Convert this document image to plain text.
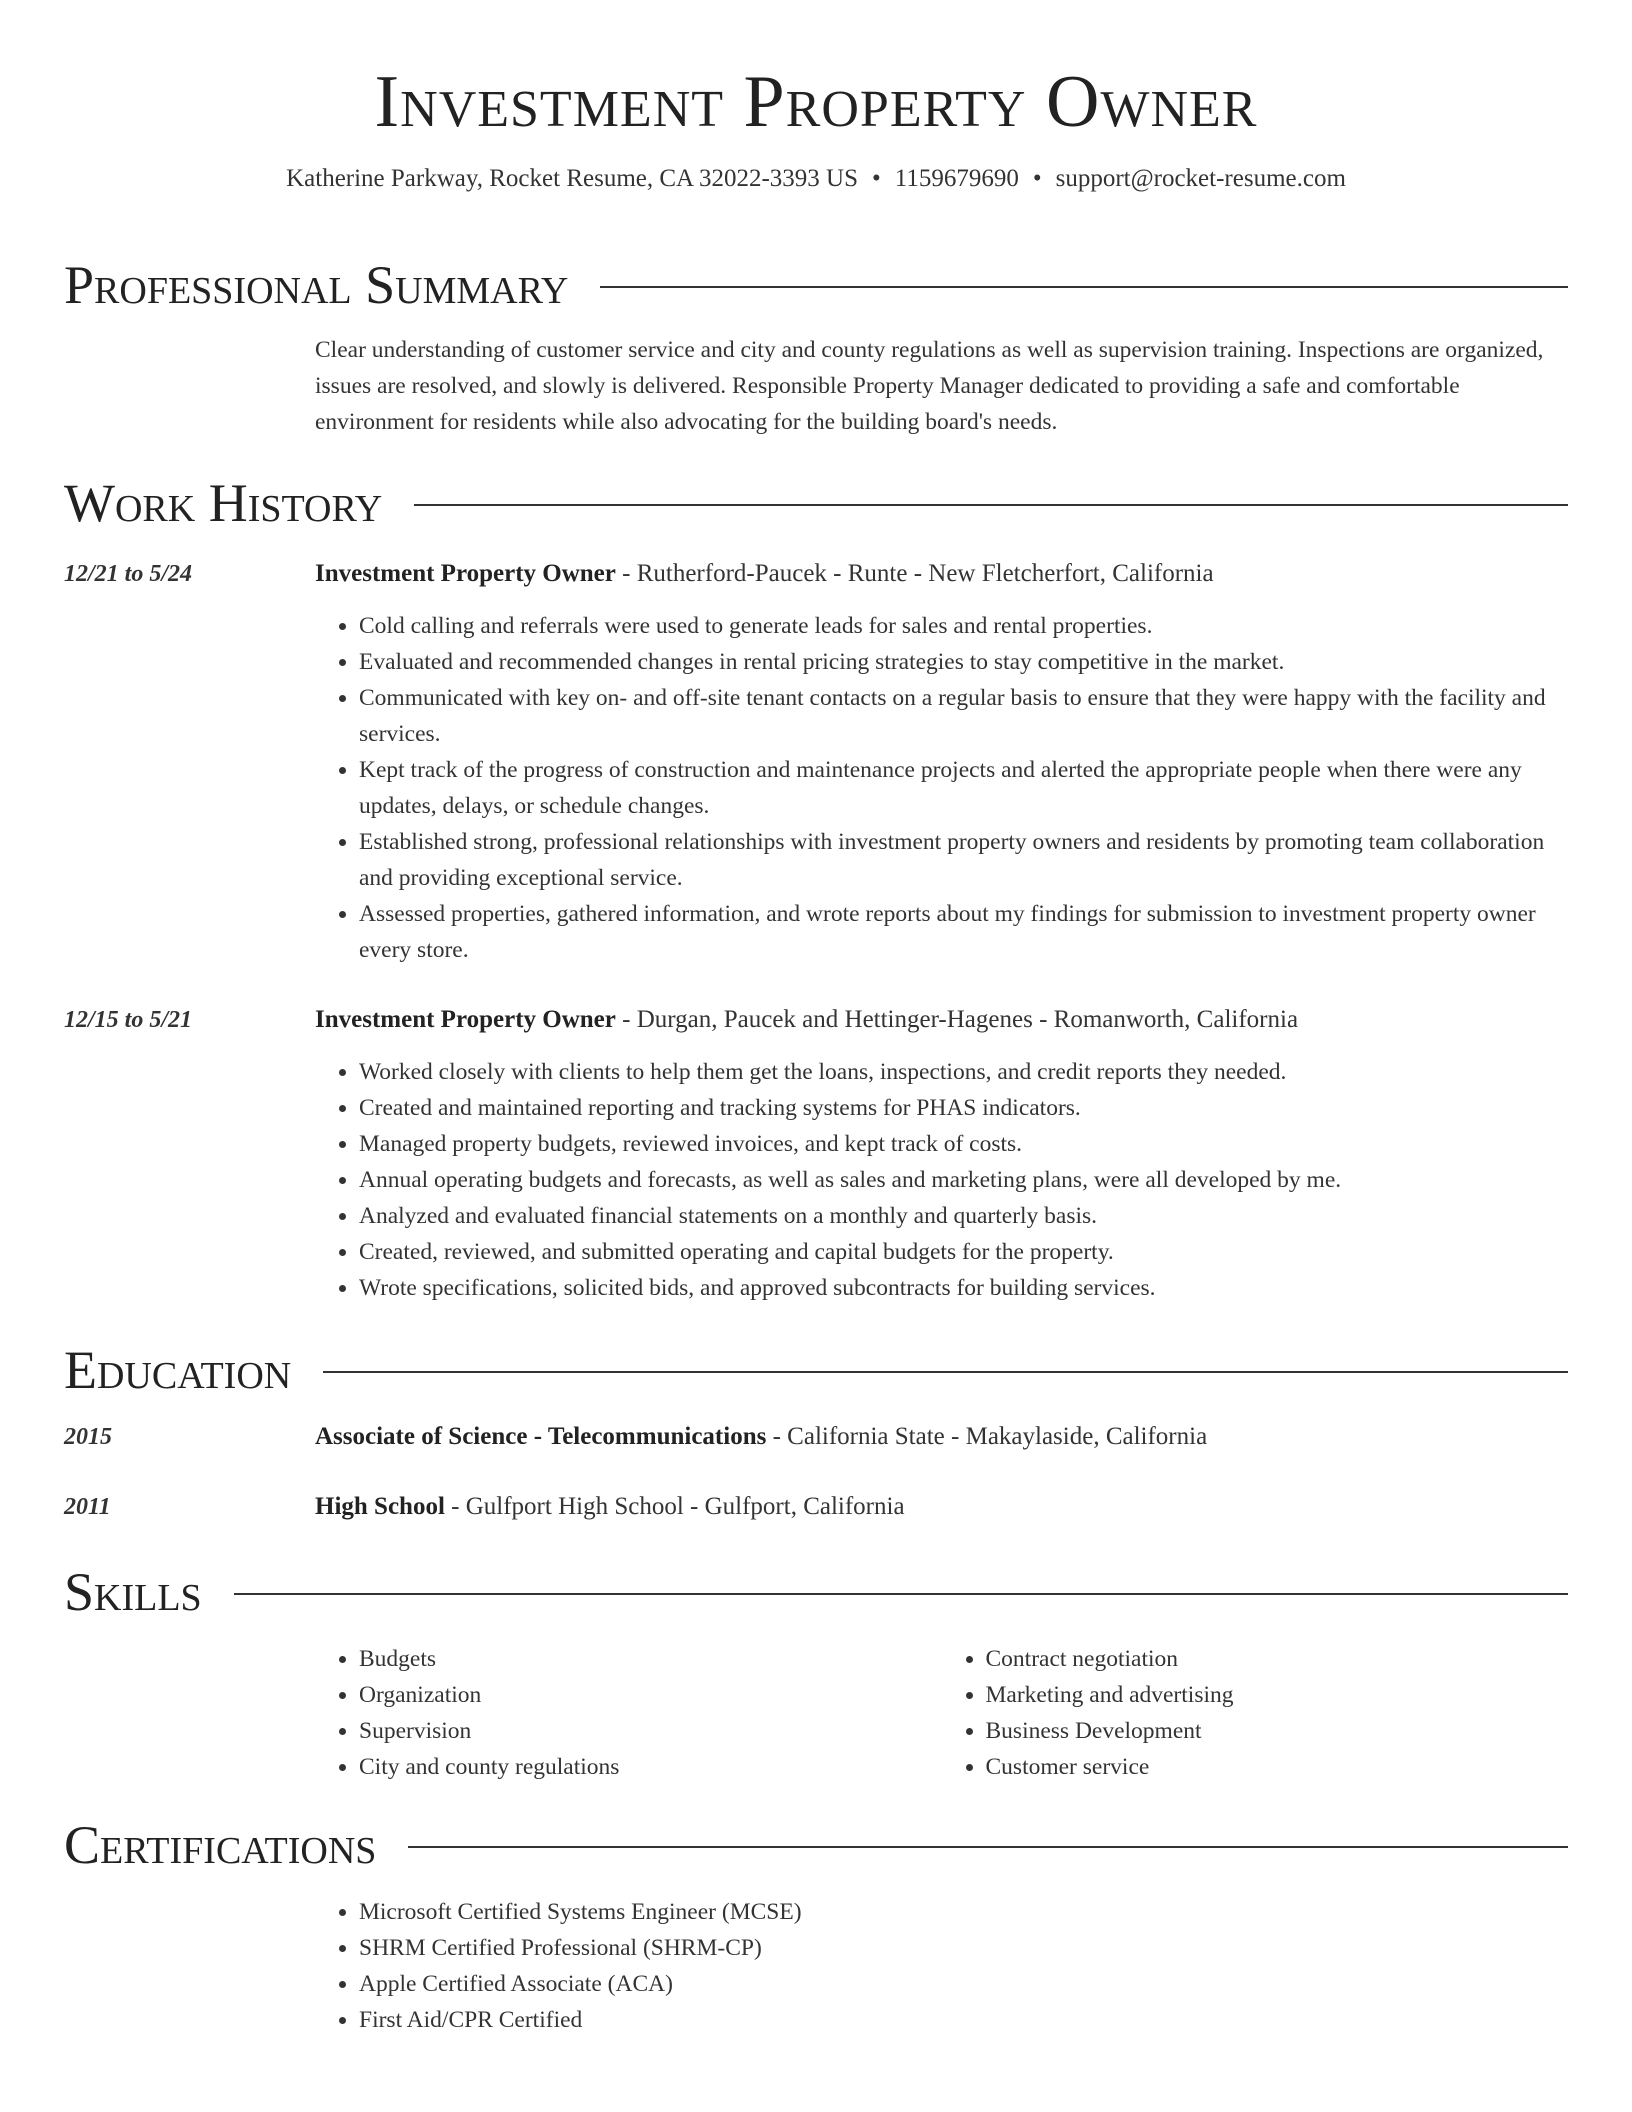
Investment Property Owner
Katherine Parkway, Rocket Resume, CA 32022-3393 US • 1159679690 • support@rocket-resume.com
Professional Summary
Clear understanding of customer service and city and county regulations as well as supervision training. Inspections are organized, issues are resolved, and slowly is delivered. Responsible Property Manager dedicated to providing a safe and comfortable environment for residents while also advocating for the building board's needs.
Work History
12/21 to 5/24	Investment Property Owner - Rutherford-Paucek - Runte - New Fletcherfort, California
• Cold calling and referrals were used to generate leads for sales and rental properties.
• Evaluated and recommended changes in rental pricing strategies to stay competitive in the market.
• Communicated with key on- and off-site tenant contacts on a regular basis to ensure that they were happy with the facility and services.
• Kept track of the progress of construction and maintenance projects and alerted the appropriate people when there were any updates, delays, or schedule changes.
• Established strong, professional relationships with investment property owners and residents by promoting team collaboration and providing exceptional service.
• Assessed properties, gathered information, and wrote reports about my findings for submission to investment property owner every store.
12/15 to 5/21	Investment Property Owner - Durgan, Paucek and Hettinger-Hagenes - Romanworth, California
• Worked closely with clients to help them get the loans, inspections, and credit reports they needed.
• Created and maintained reporting and tracking systems for PHAS indicators.
• Managed property budgets, reviewed invoices, and kept track of costs.
• Annual operating budgets and forecasts, as well as sales and marketing plans, were all developed by me.
• Analyzed and evaluated financial statements on a monthly and quarterly basis.
• Created, reviewed, and submitted operating and capital budgets for the property.
• Wrote specifications, solicited bids, and approved subcontracts for building services.
Education
2015	Associate of Science - Telecommunications - California State - Makaylaside, California
2011	High School - Gulfport High School - Gulfport, California
Skills
• Budgets
• Organization
• Supervision
• City and county regulations
• Contract negotiation
• Marketing and advertising
• Business Development
• Customer service
Certifications
• Microsoft Certified Systems Engineer (MCSE)
• SHRM Certified Professional (SHRM-CP)
• Apple Certified Associate (ACA)
• First Aid/CPR Certified
